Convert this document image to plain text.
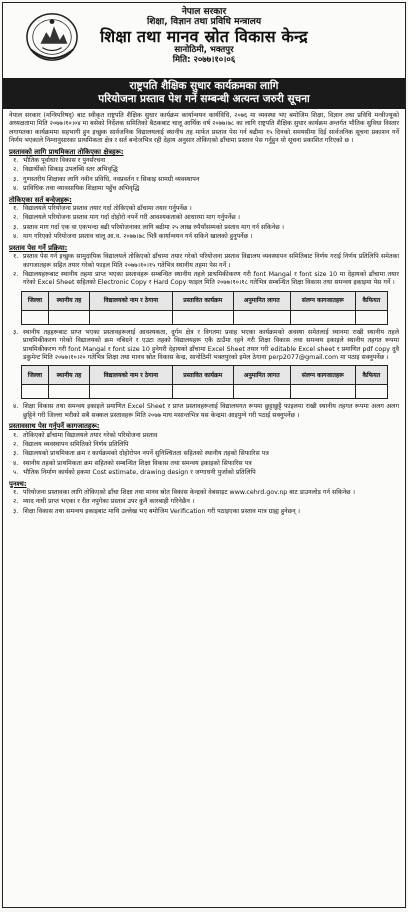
नेपाल सरकार
शिक्षा, विज्ञान तथा प्रविधि मन्त्रालय
शिक्षा तथा मानव स्रोत विकास केन्द्र
सानोठिमी, भक्तपुर
मिति: २०७७।१०।०६
राष्ट्रपति शैक्षिक सुधार कार्यक्रमका लागि
परियोजना प्रस्ताव पेश गर्ने सम्बन्धी अत्यन्त जरुरी सूचना

नेपाल सरकार (मन्त्रिपरिषद्) बाट स्वीकृत राष्ट्रपति शैक्षिक सुधार कार्यक्रम कार्यान्वयन कार्यविधि, २०७६ मा व्यवस्था भए बमोजिम शिक्षा, विज्ञान तथा प्रविधि मन्त्रीज्यूको अध्यक्षतामा मिति २०७७।१०।०४ मा बसेको निर्देशक समितिको बैठकबाट चालू आर्थिक वर्ष २०७७।७८ का लागि राष्ट्रपति शैक्षिक सुधार कार्यक्रम अन्तर्गत भौतिक सुविधा विस्तार लगायतका कार्यक्रममा सहभागी हुन इच्छुक सार्वजनिक विद्यालयलाई स्थानीय तह मार्फत प्रस्ताव पेस गर्न बढीमा १५ दिनको समयसीमा दिई सार्वजनिक सूचना प्रकाशन गर्ने निर्णय भएकाले निम्नानुसारका प्राथमिकता क्षेत्र र सर्त बन्देजभित्र रही देहाय अनुसार तोकिएको ढाँचामा प्रस्ताव पेस गर्नुहुन यो सूचना प्रकाशित गरिएको छ ।

प्रस्तावको लागि प्राथमिकता तोकिएका क्षेत्रहरू:
१. भौतिक पूर्वाधार विकास र पुनर्संरचना
२. विद्यार्थीको सिकाइ उपलब्धि स्तर अभिवृद्धि
३. गुणस्तरीय शिक्षाका लागि नवीन प्रविधि, नवप्रवर्तन र सिकाइ सामग्री व्यवस्थापन
४. प्राविधिक तथा व्यावसायिक शिक्षामा पहुँच अभिवृद्धि
तोकिएका सर्त बन्देजहरू:
१. विद्यालयले परियोजना प्रस्ताव तयार गर्दा तोकिएको ढाँचामा तयार गर्नुपर्नेछ ।
२. विद्यालयले परियोजना प्रस्ताव माग गर्दा दोहोरो नपर्ने गरी आवश्यकताको आधारमा माग गर्नुपर्नेछ ।
३. प्रस्ताव माग गर्दा एक वा एकभन्दा बढी परियोजनाका लागि बढीमा २५ लाख रुपैयाँसम्मको प्रस्ताव माग गर्न सकिनेछ ।
४. माग गरिएको परियोजना प्रस्ताव चालू आ.व. २०७७।७८ भित्रै कार्यान्वयन गर्न सकिने खालको हुनुपर्नेछ ।
प्रस्ताव पेस गर्ने प्रक्रिया:
१. प्रस्ताव पेस गर्न इच्छुक सामुदायिक विद्यालयले तोकिएको ढाँचामा तयार गरेको परियोजना प्रस्ताव विद्यालय व्यवस्थापन समितिबाट निर्णय गराई निर्णय प्रतिलिपि समेतका कागजातहरू सहित तयार गरेको फाइल मिति २०७७।१०।१५ गतेभित्र स्थानीय तहमा पेस गर्ने ।
२. विद्यालयहरूबाट स्थानीय तहमा प्राप्त भएका प्रस्तावहरू सम्बन्धित स्थानीय तहले प्राथमिकीकरण गरी font Mangal र font size 10 मा देहायको ढाँचामा तयार गरेको Excel Sheet सहितको Electronic Copy र Hard Copy फाइल मिति २०७७।१०।१८ गतेभित्र सम्बन्धित शिक्षा विकास तथा समन्वय इकाइमा पेस गर्ने ।
जिल्ला	स्थानीय तह	विद्यालयको नाम र ठेगाना	प्रस्तावित कार्यक्रम	अनुमानित लागत	संलग्न कागजातहरू	कैफियत

३. स्थानीय तहहरूबाट प्राप्त भएका प्रस्तावहरूलाई आवश्यकता, दुर्गम क्षेत्र र विगतमा प्रवाह भएका कार्यक्रमको अवस्था समेतलाई ध्यानमा राखी स्थानीय तहले प्राथमिकीकरण गरेको विद्यालयको क्रम नबिग्रने र एउटा तहको विद्यालयहरू एकै ठाउँमा रहने गरी शिक्षा विकास तथा समन्वय इकाइले स्थानीय तहगत रूपमा प्राथमिकीकरण गरी font Mangal र font size 10 हुनेगरी देहायको ढाँचामा Excel Sheet तयार गरी editable Excel sheet र प्रमाणित pdf copy दुवै डकुमेन्ट मिति २०७७।१०।२० गतेभित्र शिक्षा तथा मानव स्रोत विकास केन्द्र, सानोठिमी भक्तपुरको इमेल ठेगाना perp2077@gmail.com मा पठाइ सक्नुपर्नेछ ।
जिल्ला	स्थानीय तह	विद्यालयको नाम र ठेगाना	प्रस्तावित कार्यक्रम	अनुमानित लागत	संलग्न कागजातहरू	कैफियत

४. शिक्षा विकास तथा समन्वय इकाइले प्रमाणित Excel Sheet र प्राप्त प्रस्तावहरूलाई विद्यालयगत रूपमा छुट्टाछुट्टै फाइलमा राखी स्थानीय तहगत रूपमा अलग अलग छुट्टिने गरी जिल्ला भरीको सबै सक्कल प्रस्तावहरू मिति २०७७ माघ मसान्तभित्र यस केन्द्रमा आइपुग्ने गरी पठाई सक्नुपर्नेछ ।
प्रस्तावसाथ पेस गर्नुपर्ने कागजातहरू:
१. तोकिएको ढाँचामा विद्यालयले तयार गरेको परियोजना प्रस्ताव
२. विद्यालय व्यवस्थापन समितिको निर्णय प्रतिलिपि
३. विद्यालयको प्राथमिकता क्रम र कार्यक्रमको दोहोरोपन नपर्ने सुनिश्चितता सहितको स्थानीय तहको सिफारिस पत्र
४. स्थानीय तहको प्राथमिकता क्रम सहितको सम्बन्धित शिक्षा विकास तथा समन्वय इकाइको सिफारिस पत्र
५. भौतिक निर्माण कार्यको हकमा Cost estimate, drawing design र जग्गाधनी पुर्जाको प्रतिलिपि
पुनश्च:
१. परियोजना प्रस्तावका लागि तोकिएको ढाँचा शिक्षा तथा मानव स्रोत विकास केन्द्रको वेबसाइट www.cehrd.gov.np बाट डाउनलोड गर्न सकिनेछ ।
२. म्याद नाघी प्राप्त भएका र रीत नपुगेका प्रस्ताव उपर कुनै कारबाही गरिनेछैन ।
३. शिक्षा विकास तथा समन्वय इकाइबाट माथि उल्लेख भए बमोजिम Verification गरी पठाइएका प्रस्ताव मात्र ग्राह्य हुनेछन् ।
